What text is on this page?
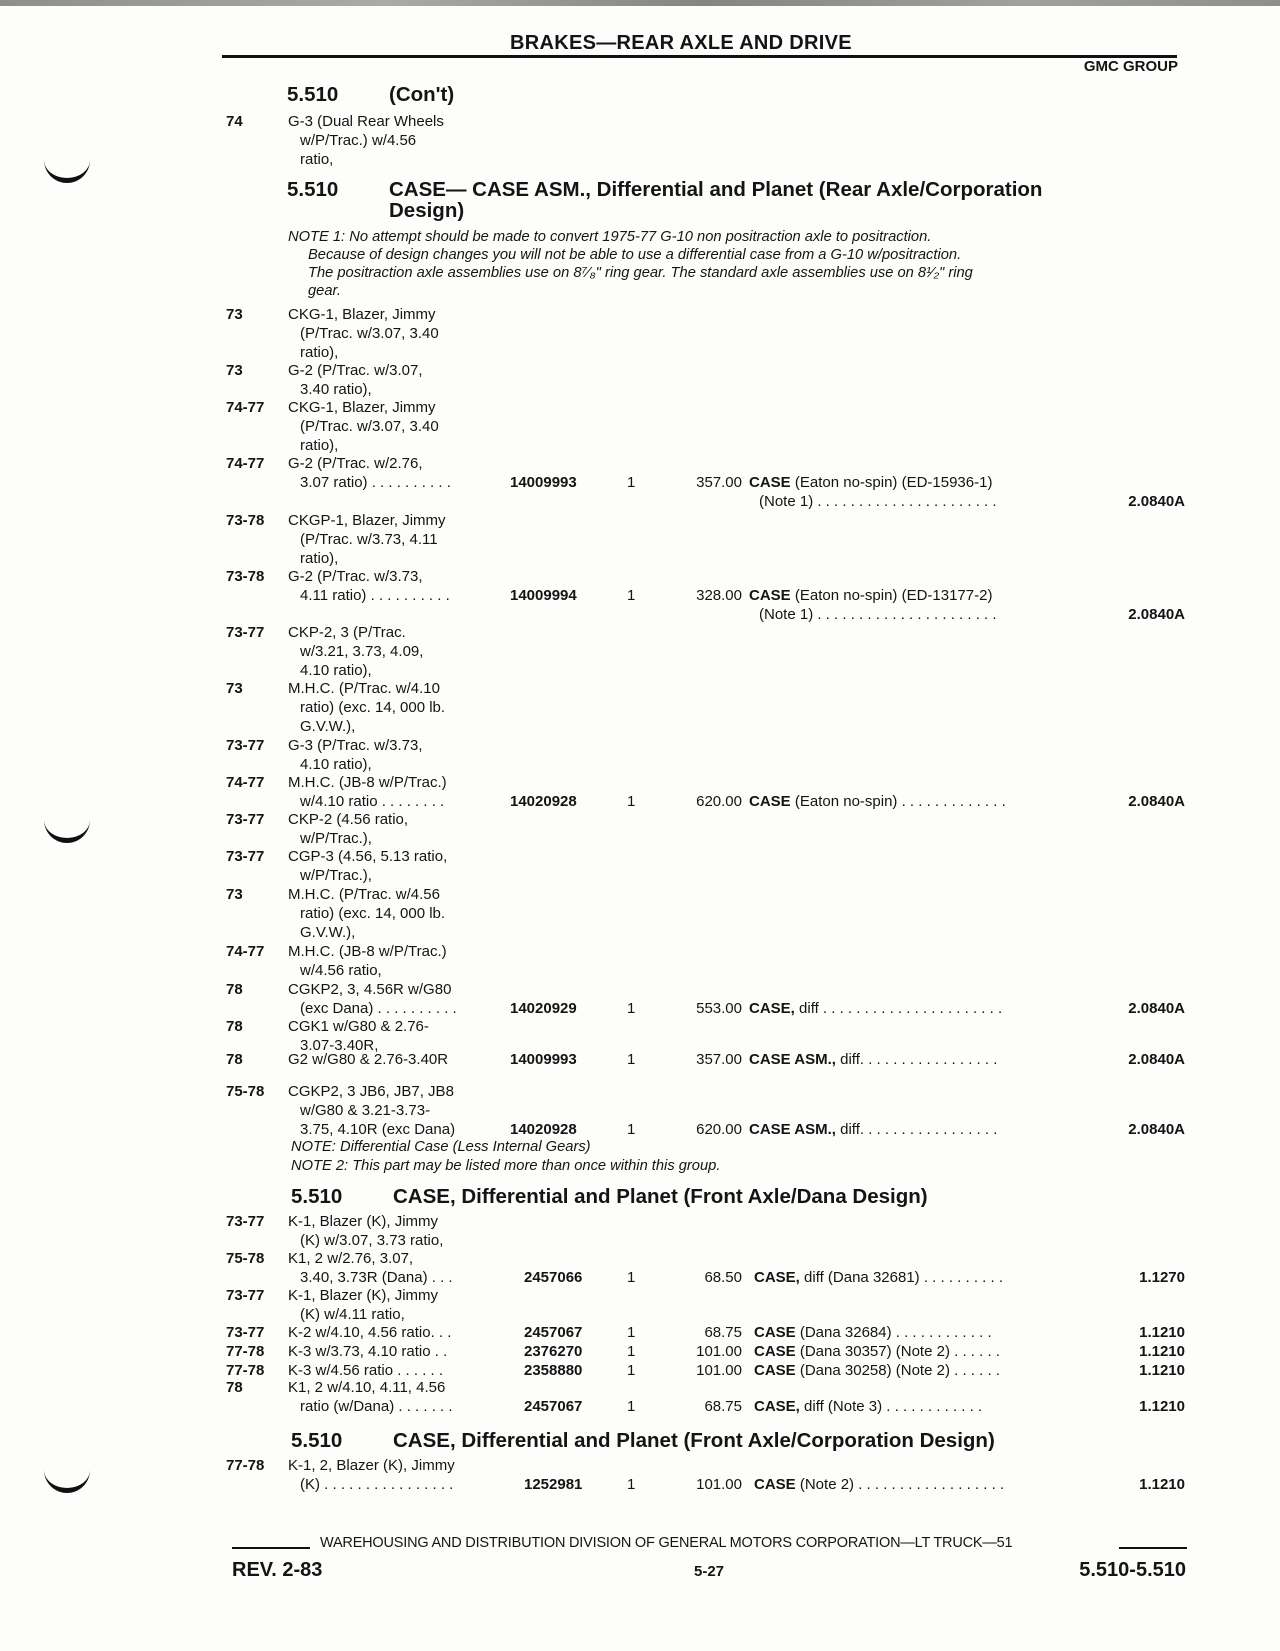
BRAKES—REAR AXLE AND DRIVE
GMC GROUP
5.510 (Con't)
5.510 CASE— CASE ASM., Differential and Planet (Rear Axle/Corporation
Design)
5.510 CASE, Differential and Planet (Front Axle/Dana Design)
5.510 CASE, Differential and Planet (Front Axle/Corporation Design)
NOTE 1: No attempt should be made to convert 1975-77 G-10 non positraction axle to positraction.
Because of design changes you will not be able to use a differential case from a G-10 w/positraction.
The positraction axle assemblies use on 8⁷⁄₈" ring gear. The standard axle assemblies use on 8¹⁄₂" ring
gear.
NOTE: Differential Case (Less Internal Gears)
NOTE 2: This part may be listed more than once within this group.
74	G-3 (Dual Rear Wheels
w/P/Trac.) w/4.56
ratio,
73	CKG-1, Blazer, Jimmy
(P/Trac. w/3.07, 3.40
ratio),
73	G-2 (P/Trac. w/3.07,
3.40 ratio),
74-77 CKG-1, Blazer, Jimmy
(P/Trac. w/3.07, 3.40
ratio),
74-77 G-2 (P/Trac. w/2.76,
3.07 ratio) . . . . . . . . . .	14009993	1	357.00 CASE (Eaton no-spin) (ED-15936-1)
(Note 1) . . . . . . . . . . . . . . . . . . . . . .	2.0840A
73-78 CKGP-1, Blazer, Jimmy
(P/Trac. w/3.73, 4.11
ratio),
73-78 G-2 (P/Trac. w/3.73,
4.11 ratio) . . . . . . . . . .	14009994	1	328.00 CASE (Eaton no-spin) (ED-13177-2)
(Note 1) . . . . . . . . . . . . . . . . . . . . . .	2.0840A
73-77 CKP-2, 3 (P/Trac.
w/3.21, 3.73, 4.09,
4.10 ratio),
73	M.H.C. (P/Trac. w/4.10
ratio) (exc. 14, 000 lb.
G.V.W.),
73-77 G-3 (P/Trac. w/3.73,
4.10 ratio),
74-77 M.H.C. (JB-8 w/P/Trac.)
w/4.10 ratio . . . . . . . .	14020928	1	620.00 CASE (Eaton no-spin) . . . . . . . . . . . . .	2.0840A
73-77 CKP-2 (4.56 ratio,
w/P/Trac.),
73-77 CGP-3 (4.56, 5.13 ratio,
w/P/Trac.),
73	M.H.C. (P/Trac. w/4.56
ratio) (exc. 14, 000 lb.
G.V.W.),
74-77 M.H.C. (JB-8 w/P/Trac.)
w/4.56 ratio,
78	CGKP2, 3, 4.56R w/G80
(exc Dana) . . . . . . . . . .	14020929	1	553.00 CASE, diff . . . . . . . . . . . . . . . . . . . . . .	2.0840A
78	CGK1 w/G80 & 2.76-
3.07-3.40R,
78	G2 w/G80 & 2.76-3.40R	14009993	1	357.00 CASE ASM., diff. . . . . . . . . . . . . . . . .	2.0840A
75-78 CGKP2, 3 JB6, JB7, JB8
w/G80 & 3.21-3.73-
3.75, 4.10R (exc Dana)	14020928	1	620.00 CASE ASM., diff. . . . . . . . . . . . . . . . .	2.0840A
73-77 K-1, Blazer (K), Jimmy
(K) w/3.07, 3.73 ratio,
75-78 K1, 2 w/2.76, 3.07,
3.40, 3.73R (Dana) . . .	2457066	1	68.50 CASE, diff (Dana 32681) . . . . . . . . . .	1.1270
73-77 K-1, Blazer (K), Jimmy
(K) w/4.11 ratio,
73-77 K-2 w/4.10, 4.56 ratio. . .	2457067	1	68.75 CASE (Dana 32684) . . . . . . . . . . . .	1.1210
77-78 K-3 w/3.73, 4.10 ratio . .	2376270	1	101.00 CASE (Dana 30357) (Note 2) . . . . . .	1.1210
77-78 K-3 w/4.56 ratio . . . . . .	2358880	1	101.00 CASE (Dana 30258) (Note 2) . . . . . .	1.1210
78	K1, 2 w/4.10, 4.11, 4.56
ratio (w/Dana) . . . . . . .	2457067	1	68.75 CASE, diff (Note 3) . . . . . . . . . . . .	1.1210
77-78 K-1, 2, Blazer (K), Jimmy
(K) . . . . . . . . . . . . . . . .	1252981	1	101.00 CASE (Note 2) . . . . . . . . . . . . . . . . . .	1.1210
WAREHOUSING AND DISTRIBUTION DIVISION OF GENERAL MOTORS CORPORATION—LT TRUCK—51
REV. 2-83	5-27	5.510-5.510
